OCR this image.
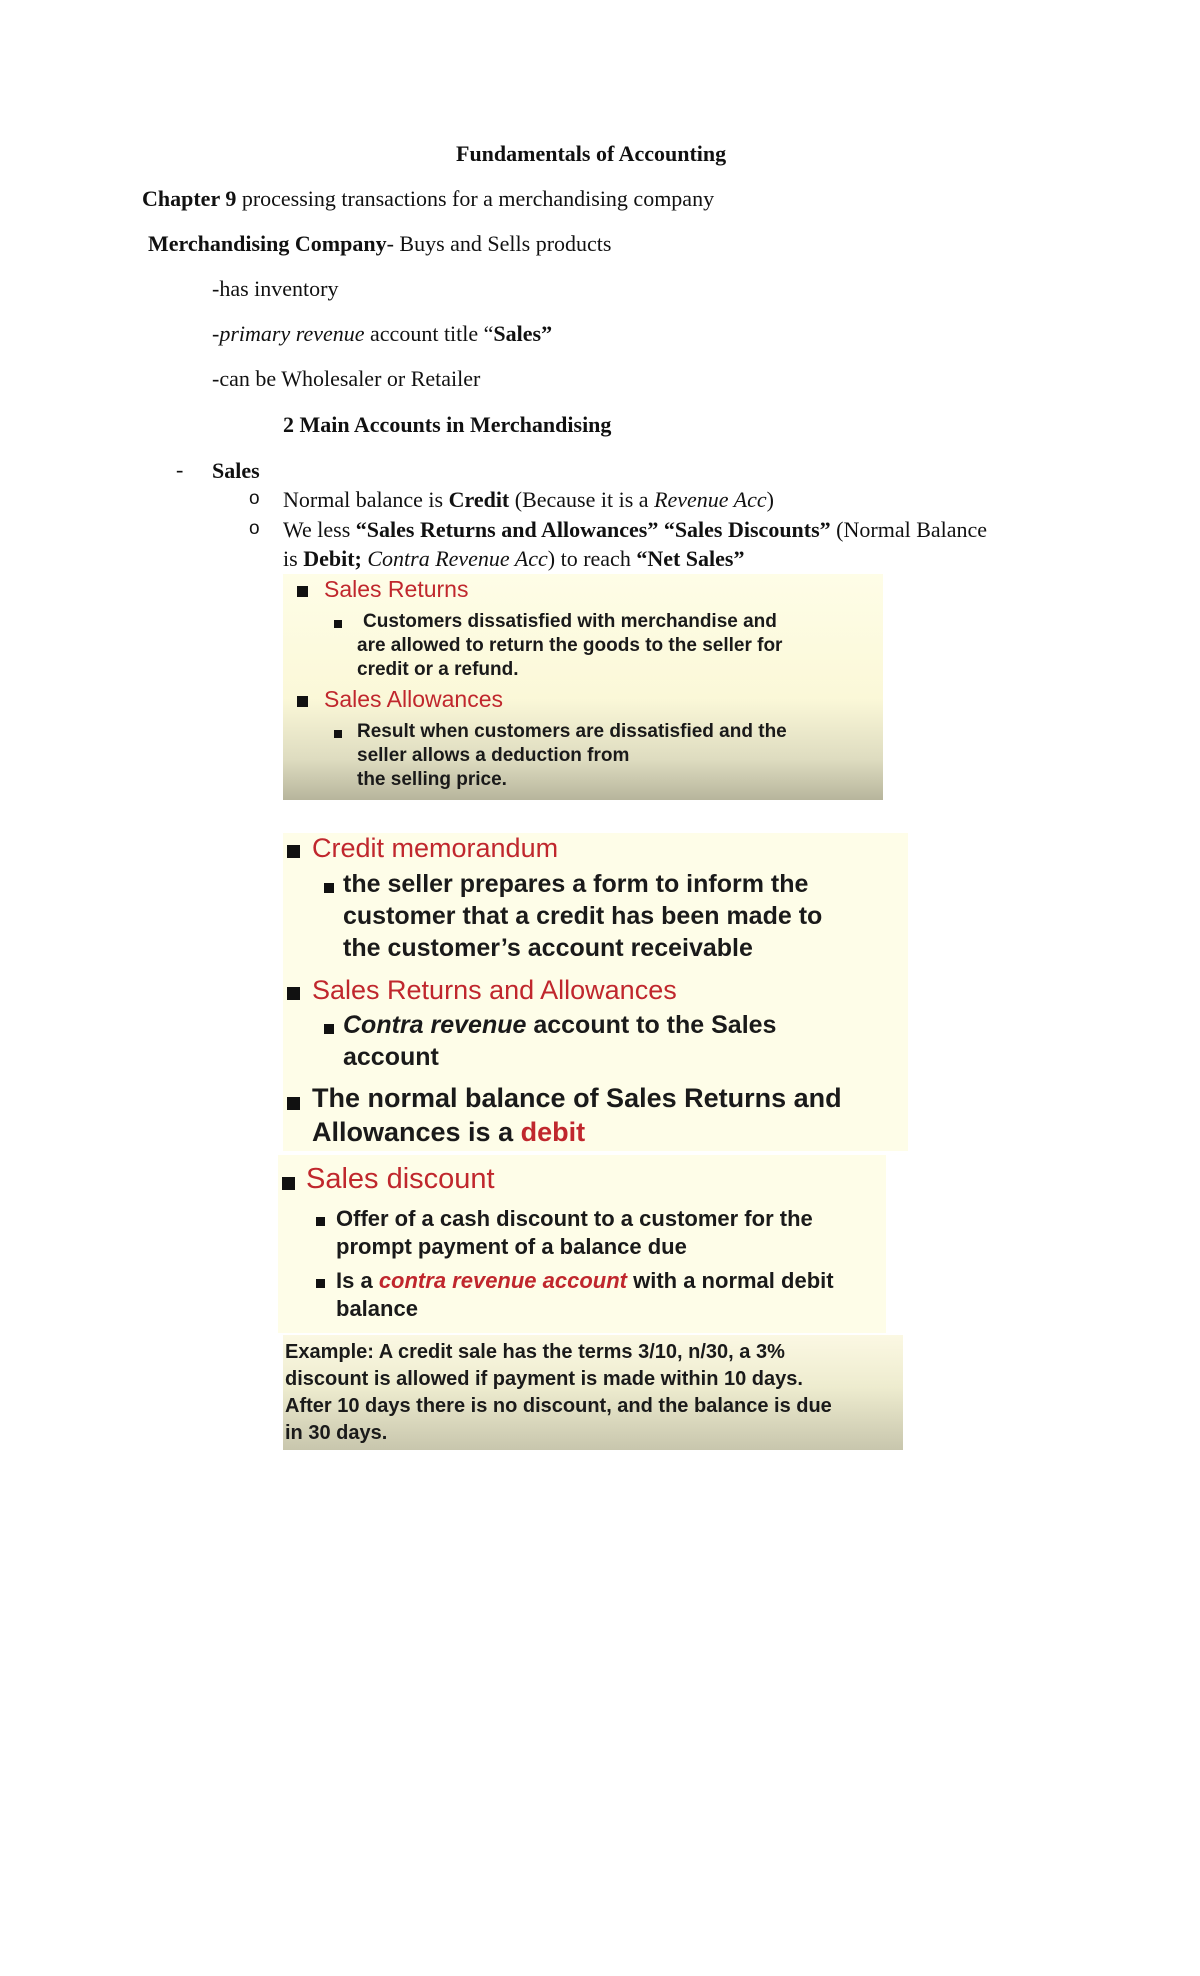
Fundamentals of Accounting
Chapter 9 processing transactions for a merchandising company
Merchandising Company- Buys and Sells products
-has inventory
-primary revenue account title “Sales”
-can be Wholesaler or Retailer
2 Main Accounts in Merchandising
- Sales
o Normal balance is Credit (Because it is a Revenue Acc)
o We less “Sales Returns and Allowances” “Sales Discounts” (Normal Balance
is Debit; Contra Revenue Acc) to reach “Net Sales”
Sales Returns
Customers dissatisfied with merchandise and
are allowed to return the goods to the seller for
credit or a refund.
Sales Allowances
Result when customers are dissatisfied and the
seller allows a deduction from
the selling price.
Credit memorandum
the seller prepares a form to inform the
customer that a credit has been made to
the customer’s account receivable
Sales Returns and Allowances
Contra revenue account to the Sales
account
The normal balance of Sales Returns and
Allowances is a debit
Sales discount
Offer of a cash discount to a customer for the
prompt payment of a balance due
Is a contra revenue account with a normal debit
balance
Example: A credit sale has the terms 3/10, n/30, a 3%
discount is allowed if payment is made within 10 days.
After 10 days there is no discount, and the balance is due
in 30 days.
